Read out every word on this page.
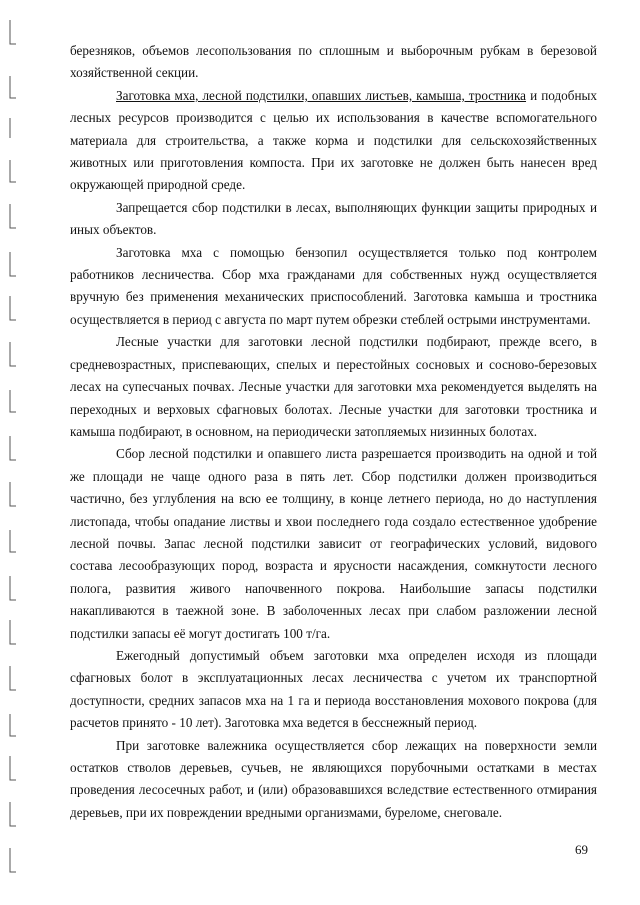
березняков, объемов лесопользования по сплошным и выборочным рубкам в березовой хозяйственной секции.

Заготовка мха, лесной подстилки, опавших листьев, камыша, тростника и подобных лесных ресурсов производится с целью их использования в качестве вспомогательного материала для строительства, а также корма и подстилки для сельскохозяйственных животных или приготовления компоста. При их заготовке не должен быть нанесен вред окружающей природной среде.

Запрещается сбор подстилки в лесах, выполняющих функции защиты природных и иных объектов.

Заготовка мха с помощью бензопил осуществляется только под контролем работников лесничества. Сбор мха гражданами для собственных нужд осуществляется вручную без применения механических приспособлений. Заготовка камыша и тростника осуществляется в период с августа по март путем обрезки стеблей острыми инструментами.

Лесные участки для заготовки лесной подстилки подбирают, прежде всего, в средневозрастных, приспевающих, спелых и перестойных сосновых и сосново-березовых лесах на супесчаных почвах. Лесные участки для заготовки мха рекомендуется выделять на переходных и верховых сфагновых болотах. Лесные участки для заготовки тростника и камыша подбирают, в основном, на периодически затопляемых низинных болотах.

Сбор лесной подстилки и опавшего листа разрешается производить на одной и той же площади не чаще одного раза в пять лет. Сбор подстилки должен производиться частично, без углубления на всю ее толщину, в конце летнего периода, но до наступления листопада, чтобы опадание листвы и хвои последнего года создало естественное удобрение лесной почвы. Запас лесной подстилки зависит от географических условий, видового состава лесообразующих пород, возраста и ярусности насаждения, сомкнутости лесного полога, развития живого напочвенного покрова. Наибольшие запасы подстилки накапливаются в таежной зоне. В заболоченных лесах при слабом разложении лесной подстилки запасы её могут достигать 100 т/га.

Ежегодный допустимый объем заготовки мха определен исходя из площади сфагновых болот в эксплуатационных лесах лесничества с учетом их транспортной доступности, средних запасов мха на 1 га и периода восстановления мохового покрова (для расчетов принято - 10 лет). Заготовка мха ведется в бесснежный период.

При заготовке валежника осуществляется сбор лежащих на поверхности земли остатков стволов деревьев, сучьев, не являющихся порубочными остатками в местах проведения лесосечных работ, и (или) образовавшихся вследствие естественного отмирания деревьев, при их повреждении вредными организмами, буреломе, снеговале.

69
